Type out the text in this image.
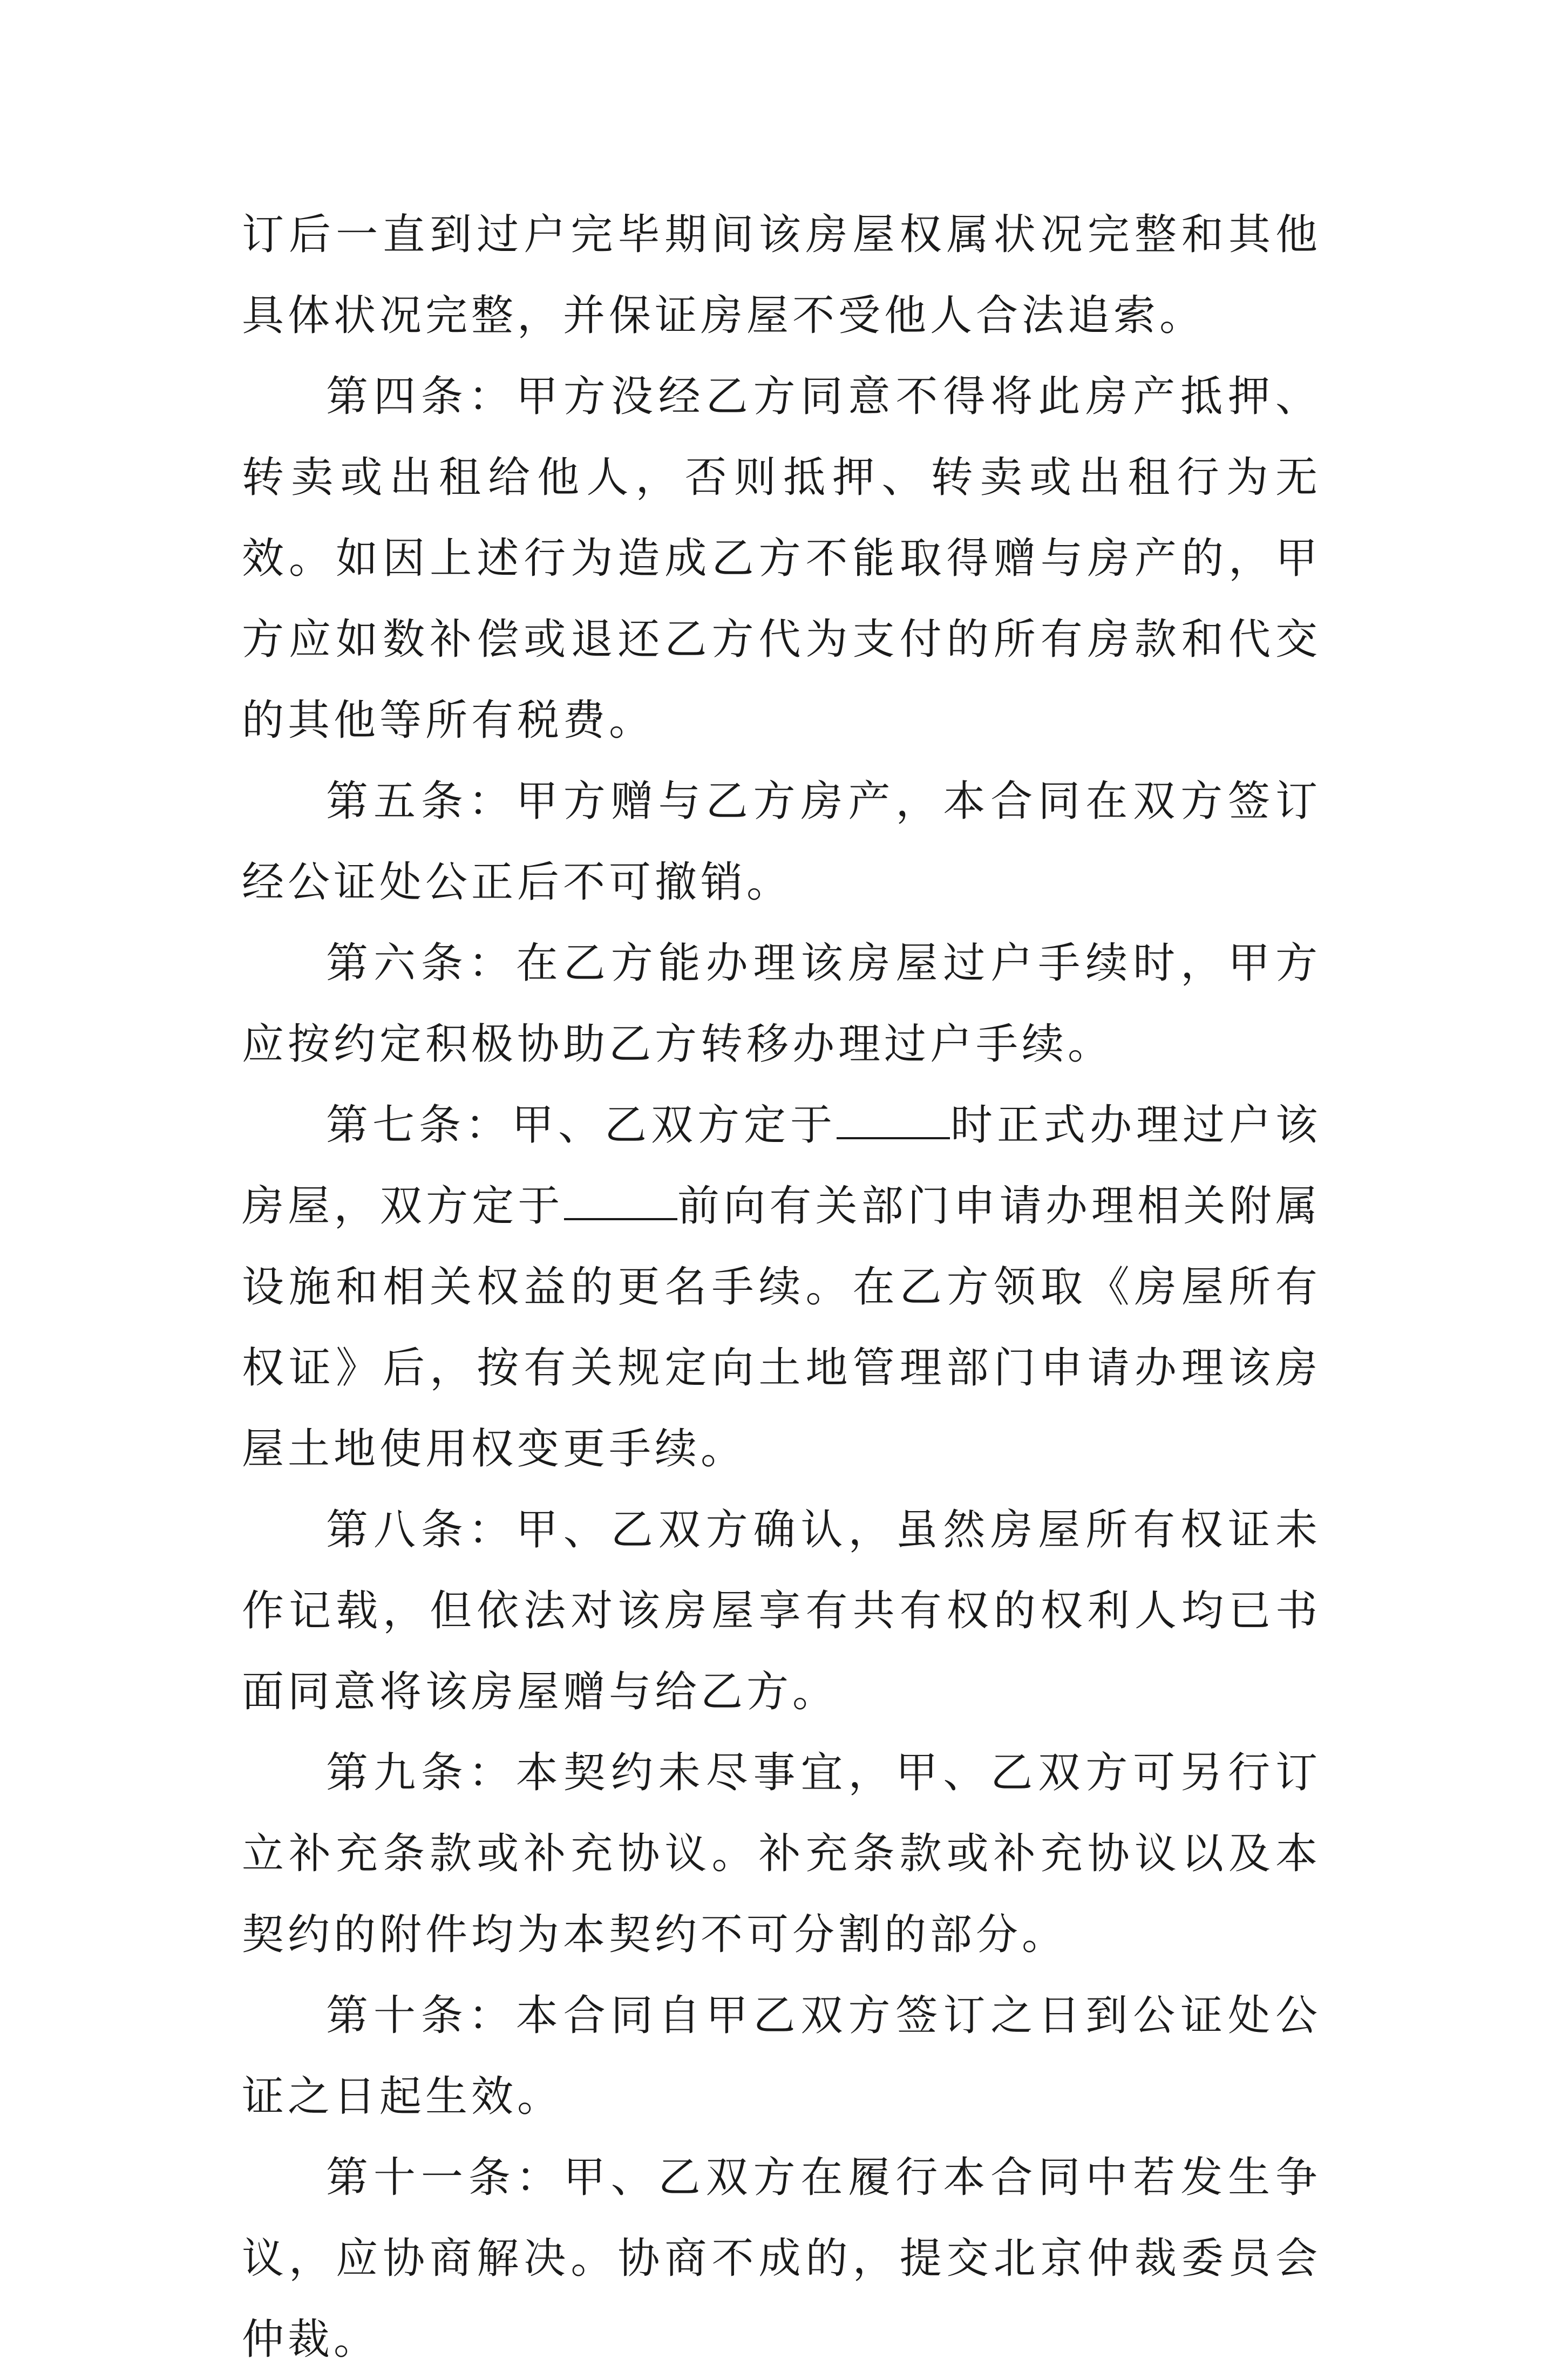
订后一直到过户完毕期间该房屋权属状况完整和其他具体状况完整，并保证房屋不受他人合法追索。

第四条：甲方没经乙方同意不得将此房产抵押、转卖或出租给他人，否则抵押、转卖或出租行为无效。如因上述行为造成乙方不能取得赠与房产的，甲方应如数补偿或退还乙方代为支付的所有房款和代交的其他等所有税费。

第五条：甲方赠与乙方房产，本合同在双方签订经公证处公正后不可撤销。

第六条：在乙方能办理该房屋过户手续时，甲方应按约定积极协助乙方转移办理过户手续。

第七条：甲、乙双方定于	时正式办理过户该房屋，双方定于	前向有关部门申请办理相关附属设施和相关权益的更名手续。在乙方领取《房屋所有权证》后，按有关规定向土地管理部门申请办理该房屋土地使用权变更手续。

第八条：甲、乙双方确认，虽然房屋所有权证未作记载，但依法对该房屋享有共有权的权利人均已书面同意将该房屋赠与给乙方。

第九条：本契约未尽事宜，甲、乙双方可另行订立补充条款或补充协议。补充条款或补充协议以及本契约的附件均为本契约不可分割的部分。

第十条：本合同自甲乙双方签订之日到公证处公证之日起生效。

第十一条：甲、乙双方在履行本合同中若发生争议，应协商解决。协商不成的，提交北京仲裁委员会仲裁。
